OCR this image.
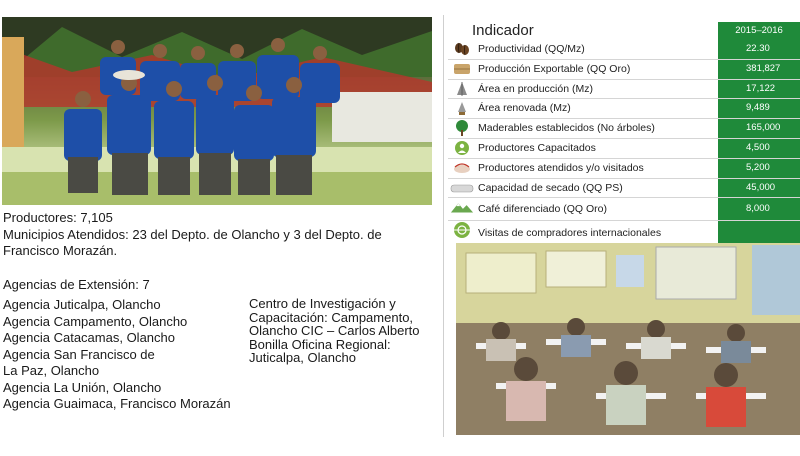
Productores: 7,105
Municipios Atendidos: 23 del Depto. de Olancho y 3 del Depto. de Francisco Morazán.
Agencias de Extensión: 7
Agencia Juticalpa, Olancho
Agencia Campamento, Olancho
Agencia Catacamas, Olancho
Agencia San Francisco de
La Paz, Olancho
Agencia La Unión, Olancho
Agencia Guaimaca, Francisco Morazán
Centro de Investigación y Capacitación: Campamento, Olancho CIC – Carlos Alberto Bonilla Oficina Regional: Juticalpa, Olancho
Indicador	2015–2016
Productividad (QQ/Mz)	22.30
Producción Exportable (QQ Oro)	381,827
Área en producción (Mz)	17,122
Área renovada (Mz)	9,489
Maderables establecidos (No árboles)	165,000
Productores Capacitados	4,500
Productores atendidos y/o visitados	5,200
Capacidad de secado (QQ PS)	45,000
Café diferenciado (QQ Oro)	8,000
Visitas de compradores internacionales
